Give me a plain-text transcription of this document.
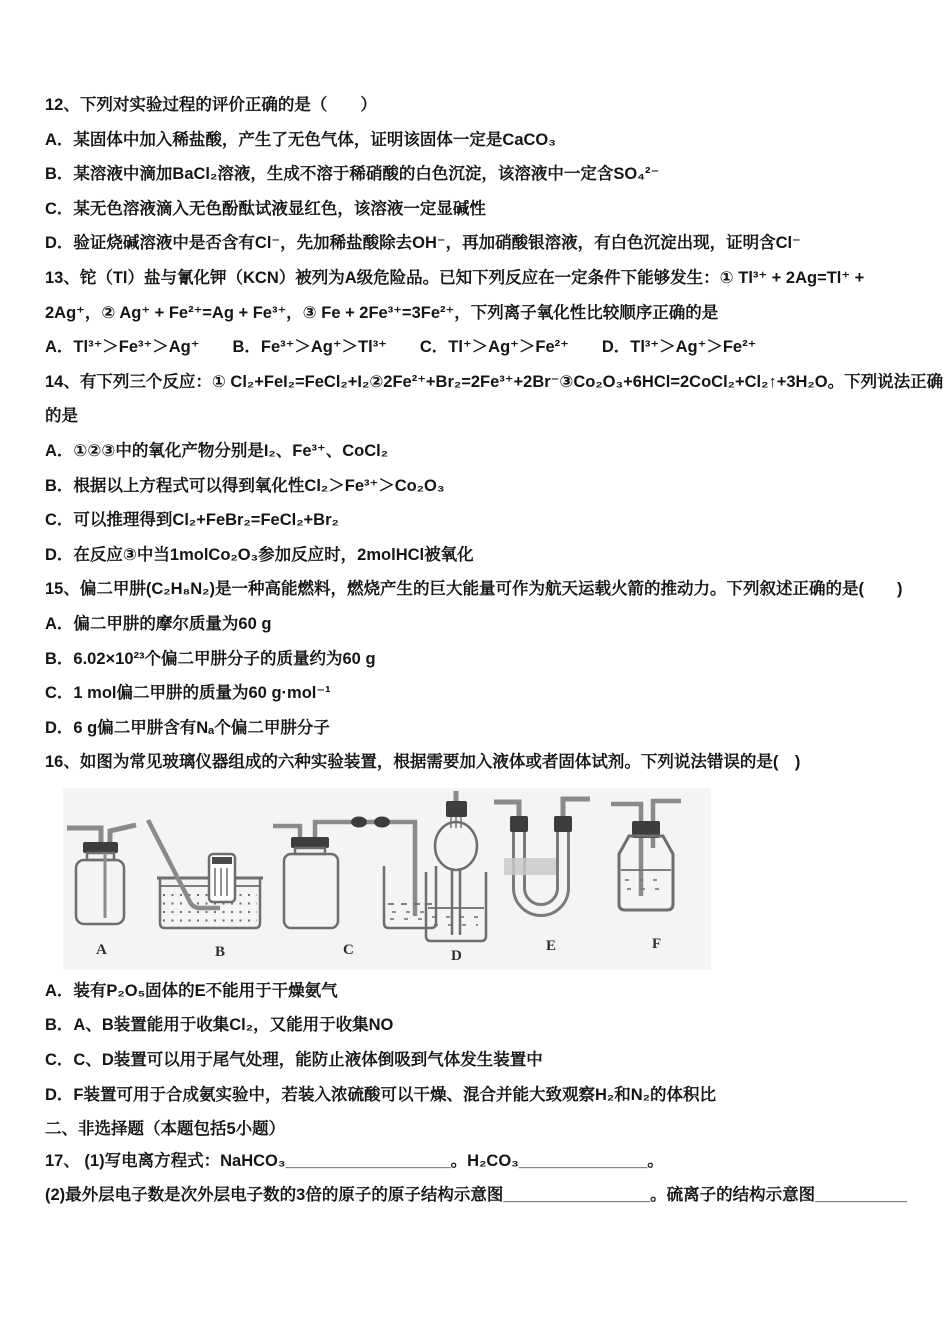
12、下列对实验过程的评价正确的是（　　）
A．某固体中加入稀盐酸，产生了无色气体，证明该固体一定是CaCO₃
B．某溶液中滴加BaCl₂溶液，生成不溶于稀硝酸的白色沉淀，该溶液中一定含SO₄²⁻
C．某无色溶液滴入无色酚酞试液显红色，该溶液一定显碱性
D．验证烧碱溶液中是否含有Cl⁻，先加稀盐酸除去OH⁻，再加硝酸银溶液，有白色沉淀出现，证明含Cl⁻
13、铊（Tl）盐与氰化钾（KCN）被列为A级危险品。已知下列反应在一定条件下能够发生：① Tl³⁺ + 2Ag=Tl⁺ +
2Ag⁺，② Ag⁺ + Fe²⁺=Ag + Fe³⁺，③ Fe + 2Fe³⁺=3Fe²⁺，下列离子氧化性比较顺序正确的是
A．Tl³⁺＞Fe³⁺＞Ag⁺　　B．Fe³⁺＞Ag⁺＞Tl³⁺　　C．Tl⁺＞Ag⁺＞Fe²⁺　　D．Tl³⁺＞Ag⁺＞Fe²⁺
14、有下列三个反应：① Cl₂+FeI₂=FeCl₂+I₂②2Fe²⁺+Br₂=2Fe³⁺+2Br⁻③Co₂O₃+6HCl=2CoCl₂+Cl₂↑+3H₂O。下列说法正确
的是
A．①②③中的氧化产物分别是I₂、Fe³⁺、CoCl₂
B．根据以上方程式可以得到氧化性Cl₂＞Fe³⁺＞Co₂O₃
C．可以推理得到Cl₂+FeBr₂=FeCl₂+Br₂
D．在反应③中当1molCo₂O₃参加反应时，2molHCl被氧化
15、偏二甲肼(C₂H₈N₂)是一种高能燃料，燃烧产生的巨大能量可作为航天运载火箭的推动力。下列叙述正确的是(　　)
A．偏二甲肼的摩尔质量为60 g
B．6.02×10²³个偏二甲肼分子的质量约为60 g
C．1 mol偏二甲肼的质量为60 g·mol⁻¹
D．6 g偏二甲肼含有Nₐ个偏二甲肼分子
16、如图为常见玻璃仪器组成的六种实验装置，根据需要加入液体或者固体试剂。下列说法错误的是(　)
A	B	C	D
E	F
A．装有P₂O₅固体的E不能用于干燥氨气
B．A、B装置能用于收集Cl₂，又能用于收集NO
C．C、D装置可以用于尾气处理，能防止液体倒吸到气体发生装置中
D．F装置可用于合成氨实验中，若装入浓硫酸可以干燥、混合并能大致观察H₂和N₂的体积比
二、非选择题（本题包括5小题）
17、 (1)写电离方程式：NaHCO₃__________________。H₂CO₃______________。
(2)最外层电子数是次外层电子数的3倍的原子的原子结构示意图________________。硫离子的结构示意图__________
